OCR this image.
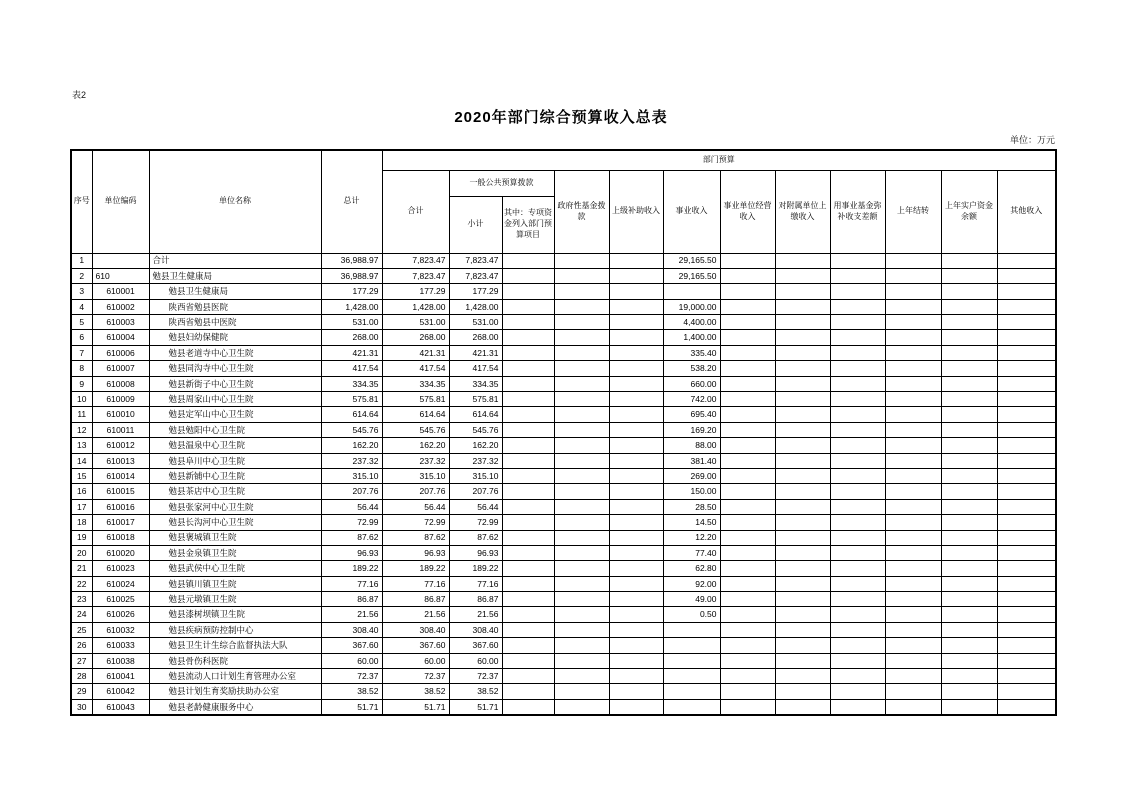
表2
2020年部门综合预算收入总表
单位：万元
序号	单位编码	单位名称	总计	部门预算											
				合计	一般公共预算拨款		政府性基金拨款	上级补助收入	事业收入	事业单位经营收入	对附属单位上缴收入	用事业基金弥补收支差额	上年结转	上年实户资金余额	其他收入
					小计	其中：专项资金列入部门预算项目									
1		合计	36,988.97	7,823.47	7,823.47				29,165.50						
2	610	勉县卫生健康局	36,988.97	7,823.47	7,823.47				29,165.50						
3	610001	勉县卫生健康局	177.29	177.29	177.29										
4	610002	陕西省勉县医院	1,428.00	1,428.00	1,428.00				19,000.00						
5	610003	陕西省勉县中医院	531.00	531.00	531.00				4,400.00						
6	610004	勉县妇幼保健院	268.00	268.00	268.00				1,400.00						
7	610006	勉县老道寺中心卫生院	421.31	421.31	421.31				335.40						
8	610007	勉县同沟寺中心卫生院	417.54	417.54	417.54				538.20						
9	610008	勉县新街子中心卫生院	334.35	334.35	334.35				660.00						
10	610009	勉县周家山中心卫生院	575.81	575.81	575.81				742.00						
11	610010	勉县定军山中心卫生院	614.64	614.64	614.64				695.40						
12	610011	勉县勉阳中心卫生院	545.76	545.76	545.76				169.20						
13	610012	勉县温泉中心卫生院	162.20	162.20	162.20				88.00						
14	610013	勉县阜川中心卫生院	237.32	237.32	237.32				381.40						
15	610014	勉县新铺中心卫生院	315.10	315.10	315.10				269.00						
16	610015	勉县茶店中心卫生院	207.76	207.76	207.76				150.00						
17	610016	勉县张家河中心卫生院	56.44	56.44	56.44				28.50						
18	610017	勉县长沟河中心卫生院	72.99	72.99	72.99				14.50						
19	610018	勉县褒城镇卫生院	87.62	87.62	87.62				12.20						
20	610020	勉县金泉镇卫生院	96.93	96.93	96.93				77.40						
21	610023	勉县武侯中心卫生院	189.22	189.22	189.22				62.80						
22	610024	勉县镇川镇卫生院	77.16	77.16	77.16				92.00						
23	610025	勉县元墩镇卫生院	86.87	86.87	86.87				49.00						
24	610026	勉县漆树坝镇卫生院	21.56	21.56	21.56				0.50						
25	610032	勉县疾病预防控制中心	308.40	308.40	308.40										
26	610033	勉县卫生计生综合监督执法大队	367.60	367.60	367.60										
27	610038	勉县骨伤科医院	60.00	60.00	60.00										
28	610041	勉县流动人口计划生育管理办公室	72.37	72.37	72.37										
29	610042	勉县计划生育奖励扶助办公室	38.52	38.52	38.52										
30	610043	勉县老龄健康服务中心	51.71	51.71	51.71										
